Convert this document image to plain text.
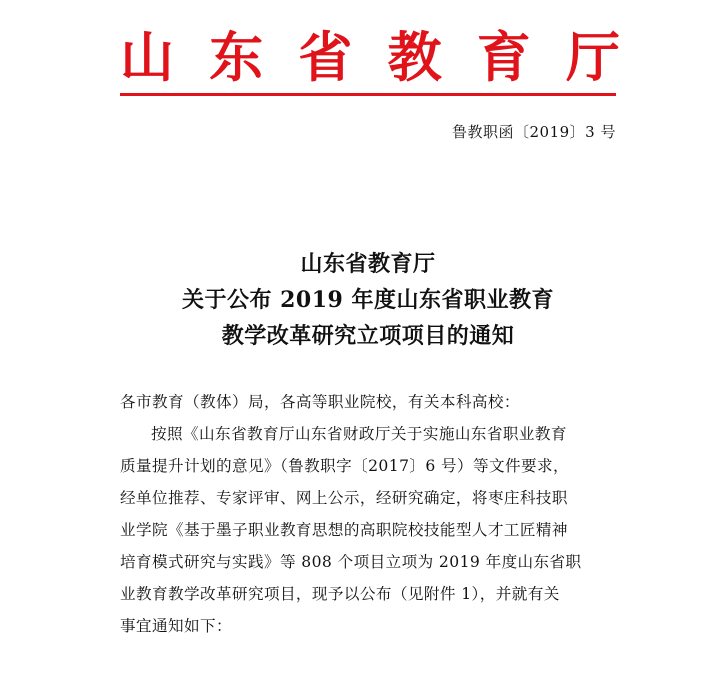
山 东 省 教 育 厅
鲁教职函〔2019〕3 号
山东省教育厅
关于公布 2019 年度山东省职业教育
教学改革研究立项项目的通知
各市教育（教体）局，各高等职业院校，有关本科高校：
按照《山东省教育厅山东省财政厅关于实施山东省职业教育
质量提升计划的意见》（鲁教职字〔2017〕6 号）等文件要求，
经单位推荐、专家评审、网上公示，经研究确定，将枣庄科技职
业学院《基于墨子职业教育思想的高职院校技能型人才工匠精神
培育模式研究与实践》等 808 个项目立项为 2019 年度山东省职
业教育教学改革研究项目，现予以公布（见附件 1），并就有关
事宜通知如下：
